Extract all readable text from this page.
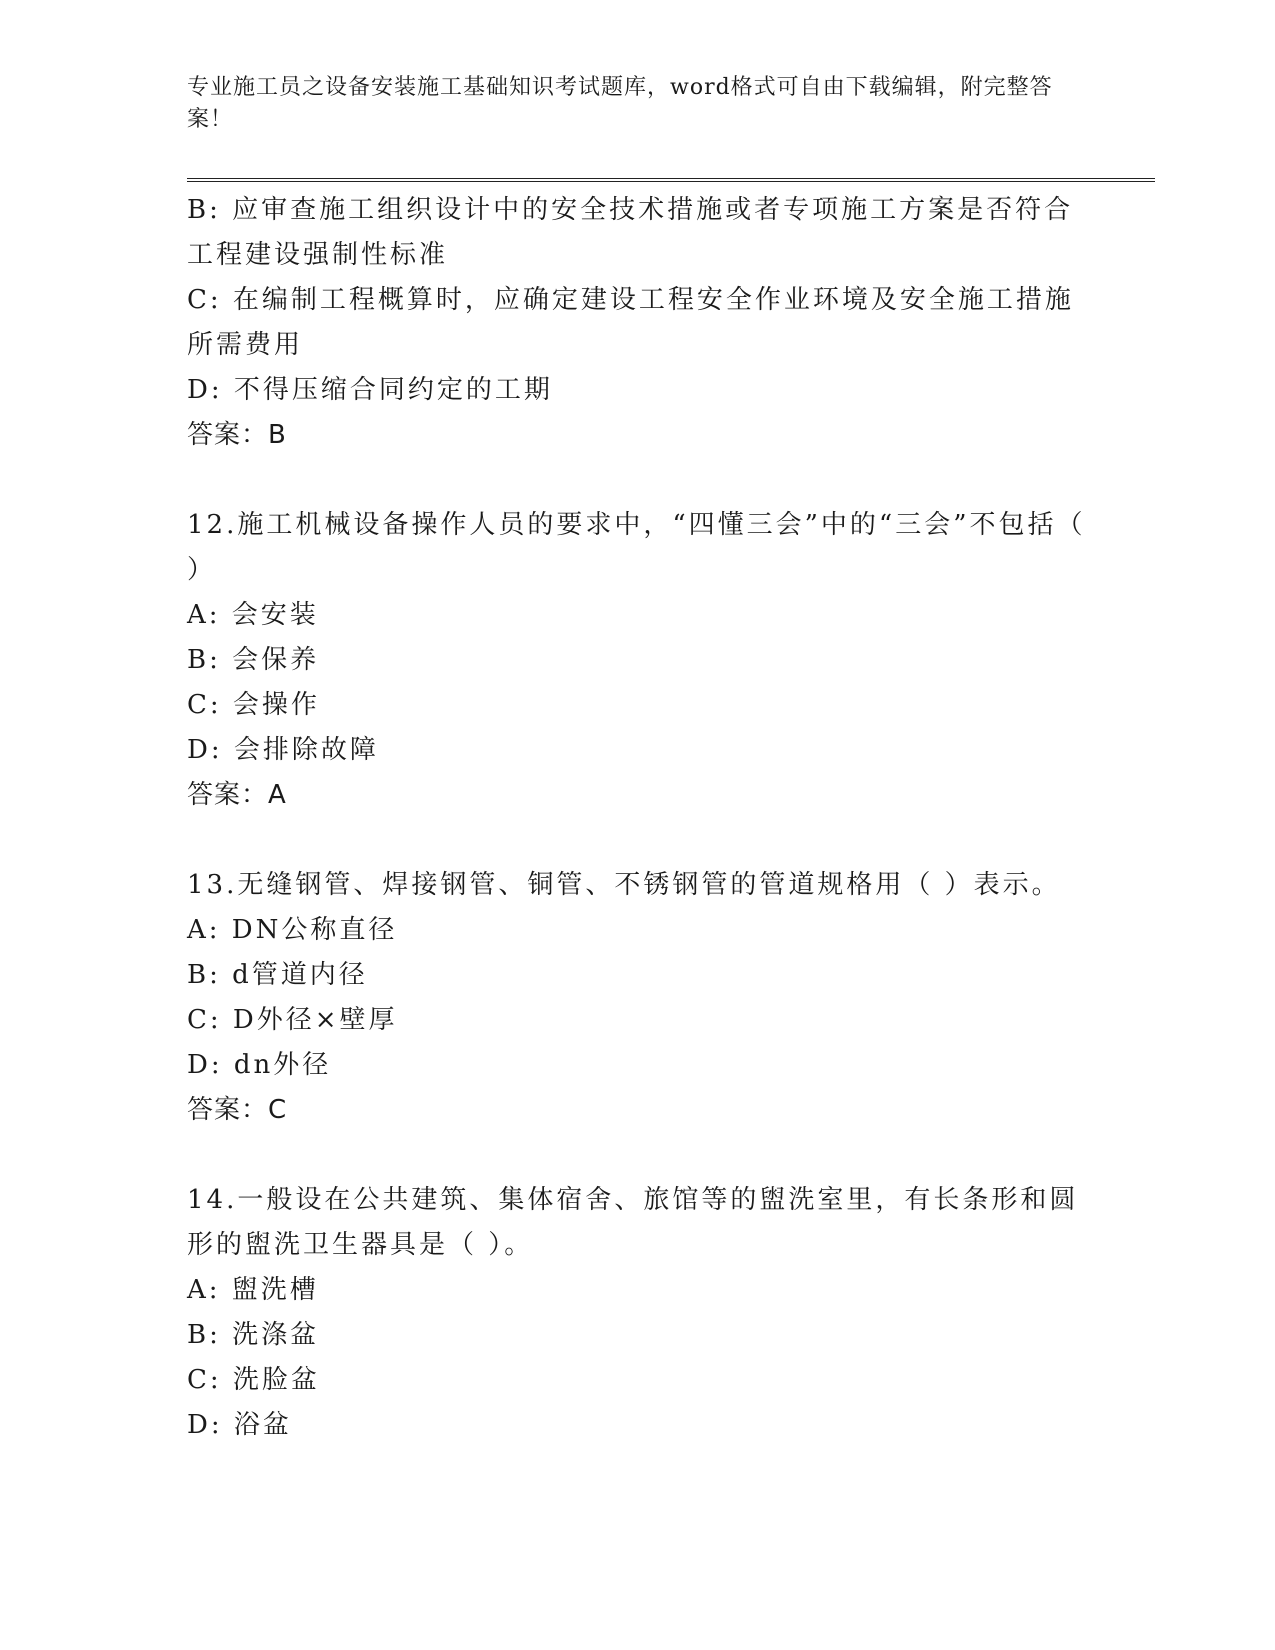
专业施工员之设备安装施工基础知识考试题库，word格式可自由下载编辑，附完整答案！
B: 应审查施工组织设计中的安全技术措施或者专项施工方案是否符合工程建设强制性标准
C: 在编制工程概算时，应确定建设工程安全作业环境及安全施工措施所需费用
D: 不得压缩合同约定的工期
答案：B
12.施工机械设备操作人员的要求中，“四懂三会”中的“三会”不包括（ ）
A: 会安装
B: 会保养
C: 会操作
D: 会排除故障
答案：A
13.无缝钢管、焊接钢管、铜管、不锈钢管的管道规格用（ ）表示。
A: DN公称直径
B: d管道内径
C: D外径×壁厚
D: dn外径
答案：C
14.一般设在公共建筑、集体宿舍、旅馆等的盥洗室里，有长条形和圆形的盥洗卫生器具是（ ）。
A: 盥洗槽
B: 洗涤盆
C: 洗脸盆
D: 浴盆
